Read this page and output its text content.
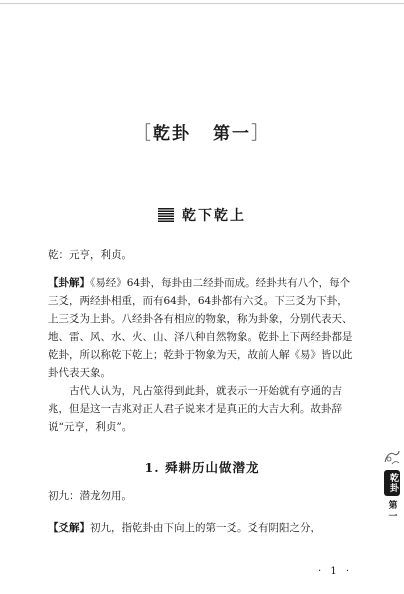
［乾卦 第一］
乾下乾上
乾：元亨，利贞。

【卦解】《易经》64卦，每卦由二经卦而成。经卦共有八个，每个三爻，两经卦相重，而有64卦，64卦都有六爻。下三爻为下卦，上三爻为上卦。八经卦各有相应的物象，称为卦象，分别代表天、地、雷、风、水、火、山、泽八种自然物象。乾卦上下两经卦都是乾卦，所以称乾下乾上；乾卦于物象为天，故前人解《易》皆以此卦代表天象。

古代人认为，凡占筮得到此卦，就表示一开始就有亨通的吉兆，但是这一吉兆对正人君子说来才是真正的大吉大利。故卦辞说“元亨，利贞”。

1. 舜耕历山做潜龙
初九：潜龙勿用。
【爻解】初九，指乾卦由下向上的第一爻。爻有阴阳之分，
· 1 ·
乾卦
第一
